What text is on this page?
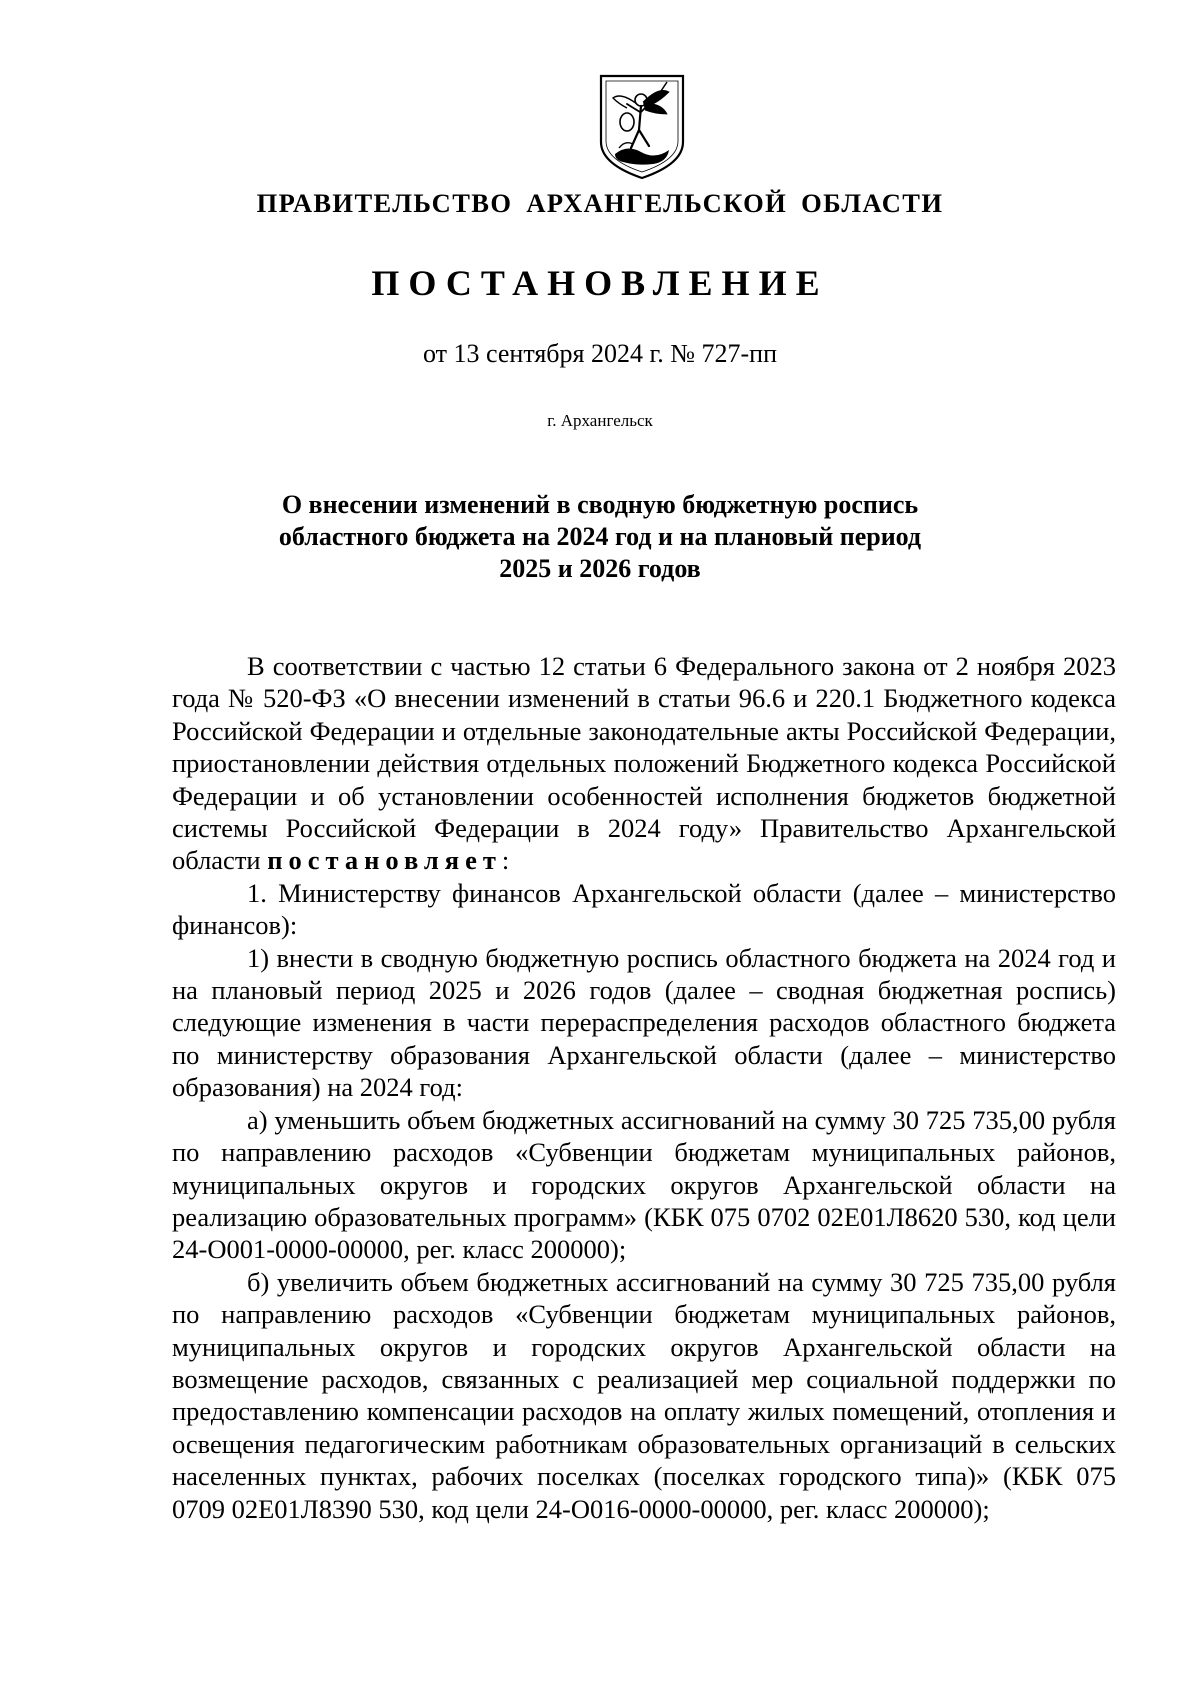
ПРАВИТЕЛЬСТВО АРХАНГЕЛЬСКОЙ ОБЛАСТИ
ПОСТАНОВЛЕНИЕ
от 13 сентября 2024 г. № 727-пп
г. Архангельск
О внесении изменений в сводную бюджетную роспись
областного бюджета на 2024 год и на плановый период
2025 и 2026 годов

В соответствии с частью 12 статьи 6 Федерального закона от 2 ноября 2023 года № 520-ФЗ «О внесении изменений в статьи 96.6 и 220.1 Бюджетного кодекса Российской Федерации и отдельные законодательные акты Российской Федерации, приостановлении действия отдельных положений Бюджетного кодекса Российской Федерации и об установлении особенностей исполнения бюджетов бюджетной системы Российской Федерации в 2024 году» Правительство Архангельской области постановляет:

1. Министерству финансов Архангельской области (далее – министерство финансов):

1) внести в сводную бюджетную роспись областного бюджета на 2024 год и на плановый период 2025 и 2026 годов (далее – сводная бюджетная роспись) следующие изменения в части перераспределения расходов областного бюджета по министерству образования Архангельской области (далее – министерство образования) на 2024 год:

а) уменьшить объем бюджетных ассигнований на сумму 30 725 735,00 рубля по направлению расходов «Субвенции бюджетам муниципальных районов, муниципальных округов и городских округов Архангельской области на реализацию образовательных программ» (КБК 075 0702 02Е01Л8620 530, код цели 24-О001-0000-00000, рег. класс 200000);

б) увеличить объем бюджетных ассигнований на сумму 30 725 735,00 рубля по направлению расходов «Субвенции бюджетам муниципальных районов, муниципальных округов и городских округов Архангельской области на возмещение расходов, связанных с реализацией мер социальной поддержки по предоставлению компенсации расходов на оплату жилых помещений, отопления и освещения педагогическим работникам образовательных организаций в сельских населенных пунктах, рабочих поселках (поселках городского типа)» (КБК 075 0709 02Е01Л8390 530, код цели 24-О016-0000-00000, рег. класс 200000);
